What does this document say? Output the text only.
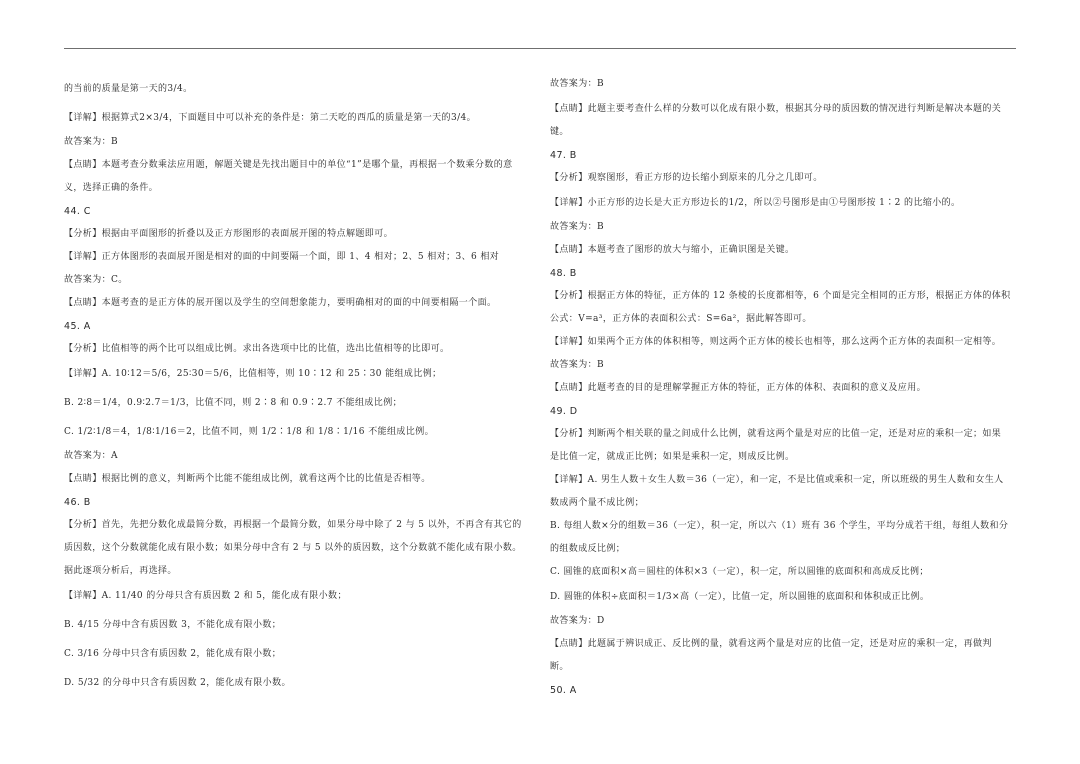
的当前的质量是第一天的3/4。
【详解】根据算式2×3/4，下面题目中可以补充的条件是：第二天吃的西瓜的质量是第一天的3/4。
故答案为：B
【点睛】本题考查分数乘法应用题，解题关键是先找出题目中的单位“1”是哪个量，再根据一个数乘分数的意
义，选择正确的条件。
44. C
【分析】根据由平面图形的折叠以及正方形图形的表面展开图的特点解题即可。
【详解】正方体图形的表面展开图是相对的面的中间要隔一个面，即 1、4 相对；2、5 相对；3、6 相对
故答案为：C。
【点睛】本题考查的是正方体的展开图以及学生的空间想象能力，要明确相对的面的中间要相隔一个面。
45. A
【分析】比值相等的两个比可以组成比例。求出各选项中比的比值，选出比值相等的比即可。
【详解】A. 10∶12＝5/6，25∶30＝5/6，比值相等，则 10∶12 和 25∶30 能组成比例；
B. 2∶8＝1/4，0.9∶2.7＝1/3，比值不同，则 2∶8 和 0.9∶2.7 不能组成比例；
C. 1/2∶1/8＝4，1/8∶1/16＝2，比值不同，则 1/2∶1/8 和 1/8∶1/16 不能组成比例。
故答案为：A
【点睛】根据比例的意义，判断两个比能不能组成比例，就看这两个比的比值是否相等。
46. B
【分析】首先，先把分数化成最简分数，再根据一个最简分数，如果分母中除了 2 与 5 以外，不再含有其它的
质因数，这个分数就能化成有限小数；如果分母中含有 2 与 5 以外的质因数，这个分数就不能化成有限小数。
据此逐项分析后，再选择。
【详解】A. 11/40 的分母只含有质因数 2 和 5，能化成有限小数；
B. 4/15 分母中含有质因数 3，不能化成有限小数；
C. 3/16 分母中只含有质因数 2，能化成有限小数；
D. 5/32 的分母中只含有质因数 2，能化成有限小数。
故答案为：B
【点睛】此题主要考查什么样的分数可以化成有限小数，根据其分母的质因数的情况进行判断是解决本题的关
键。
47. B
【分析】观察图形，看正方形的边长缩小到原来的几分之几即可。
【详解】小正方形的边长是大正方形边长的1/2，所以②号图形是由①号图形按 1∶2 的比缩小的。
故答案为：B
【点睛】本题考查了图形的放大与缩小，正确识图是关键。
48. B
【分析】根据正方体的特征，正方体的 12 条棱的长度都相等，6 个面是完全相同的正方形，根据正方体的体积
公式：V=a³，正方体的表面积公式：S=6a²，据此解答即可。
【详解】如果两个正方体的体积相等，则这两个正方体的棱长也相等，那么这两个正方体的表面积一定相等。
故答案为：B
【点睛】此题考查的目的是理解掌握正方体的特征，正方体的体积、表面积的意义及应用。
49. D
【分析】判断两个相关联的量之间成什么比例，就看这两个量是对应的比值一定，还是对应的乘积一定；如果
是比值一定，就成正比例；如果是乘积一定，则成反比例。
【详解】A. 男生人数＋女生人数＝36（一定），和一定，不是比值或乘积一定，所以班级的男生人数和女生人
数成两个量不成比例；
B. 每组人数×分的组数＝36（一定），积一定，所以六（1）班有 36 个学生，平均分成若干组，每组人数和分
的组数成反比例；
C. 圆锥的底面积×高＝圆柱的体积×3（一定），积一定，所以圆锥的底面积和高成反比例；
D. 圆锥的体积÷底面积＝1/3×高（一定），比值一定，所以圆锥的底面积和体积成正比例。
故答案为：D
【点睛】此题属于辨识成正、反比例的量，就看这两个量是对应的比值一定，还是对应的乘积一定，再做判
断。
50. A
